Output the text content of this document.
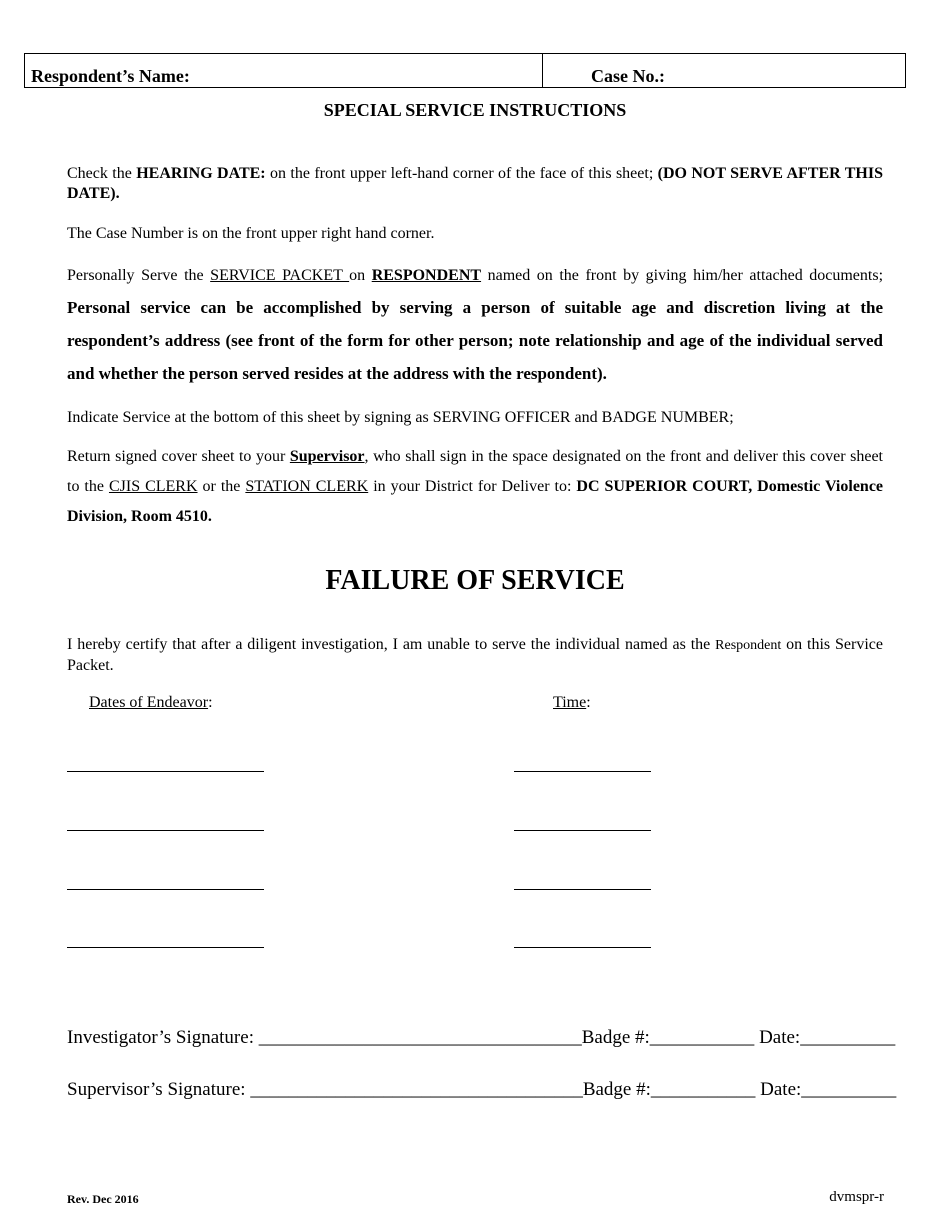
Respondent’s Name:	Case No.:
SPECIAL SERVICE INSTRUCTIONS
Check the HEARING DATE: on the front upper left-hand corner of the face of this sheet; (DO NOT SERVE AFTER THIS DATE).
The Case Number is on the front upper right hand corner.
Personally Serve the SERVICE PACKET on RESPONDENT named on the front by giving him/her attached documents; Personal service can be accomplished by serving a person of suitable age and discretion living at the respondent’s address (see front of the form for other person; note relationship and age of the individual served and whether the person served resides at the address with the respondent).
Indicate Service at the bottom of this sheet by signing as SERVING OFFICER and BADGE NUMBER;
Return signed cover sheet to your Supervisor, who shall sign in the space designated on the front and deliver this cover sheet to the CJIS CLERK or the STATION CLERK in your District for Deliver to: DC SUPERIOR COURT, Domestic Violence Division, Room 4510.
FAILURE OF SERVICE
I hereby certify that after a diligent investigation, I am unable to serve the individual named as the Respondent on this Service Packet.
Dates of Endeavor:	Time:
Investigator’s Signature: __________________________________Badge #:___________ Date:__________
Supervisor’s Signature: ___________________________________Badge #:___________ Date:__________
Rev. Dec 2016	dvmspr-r
